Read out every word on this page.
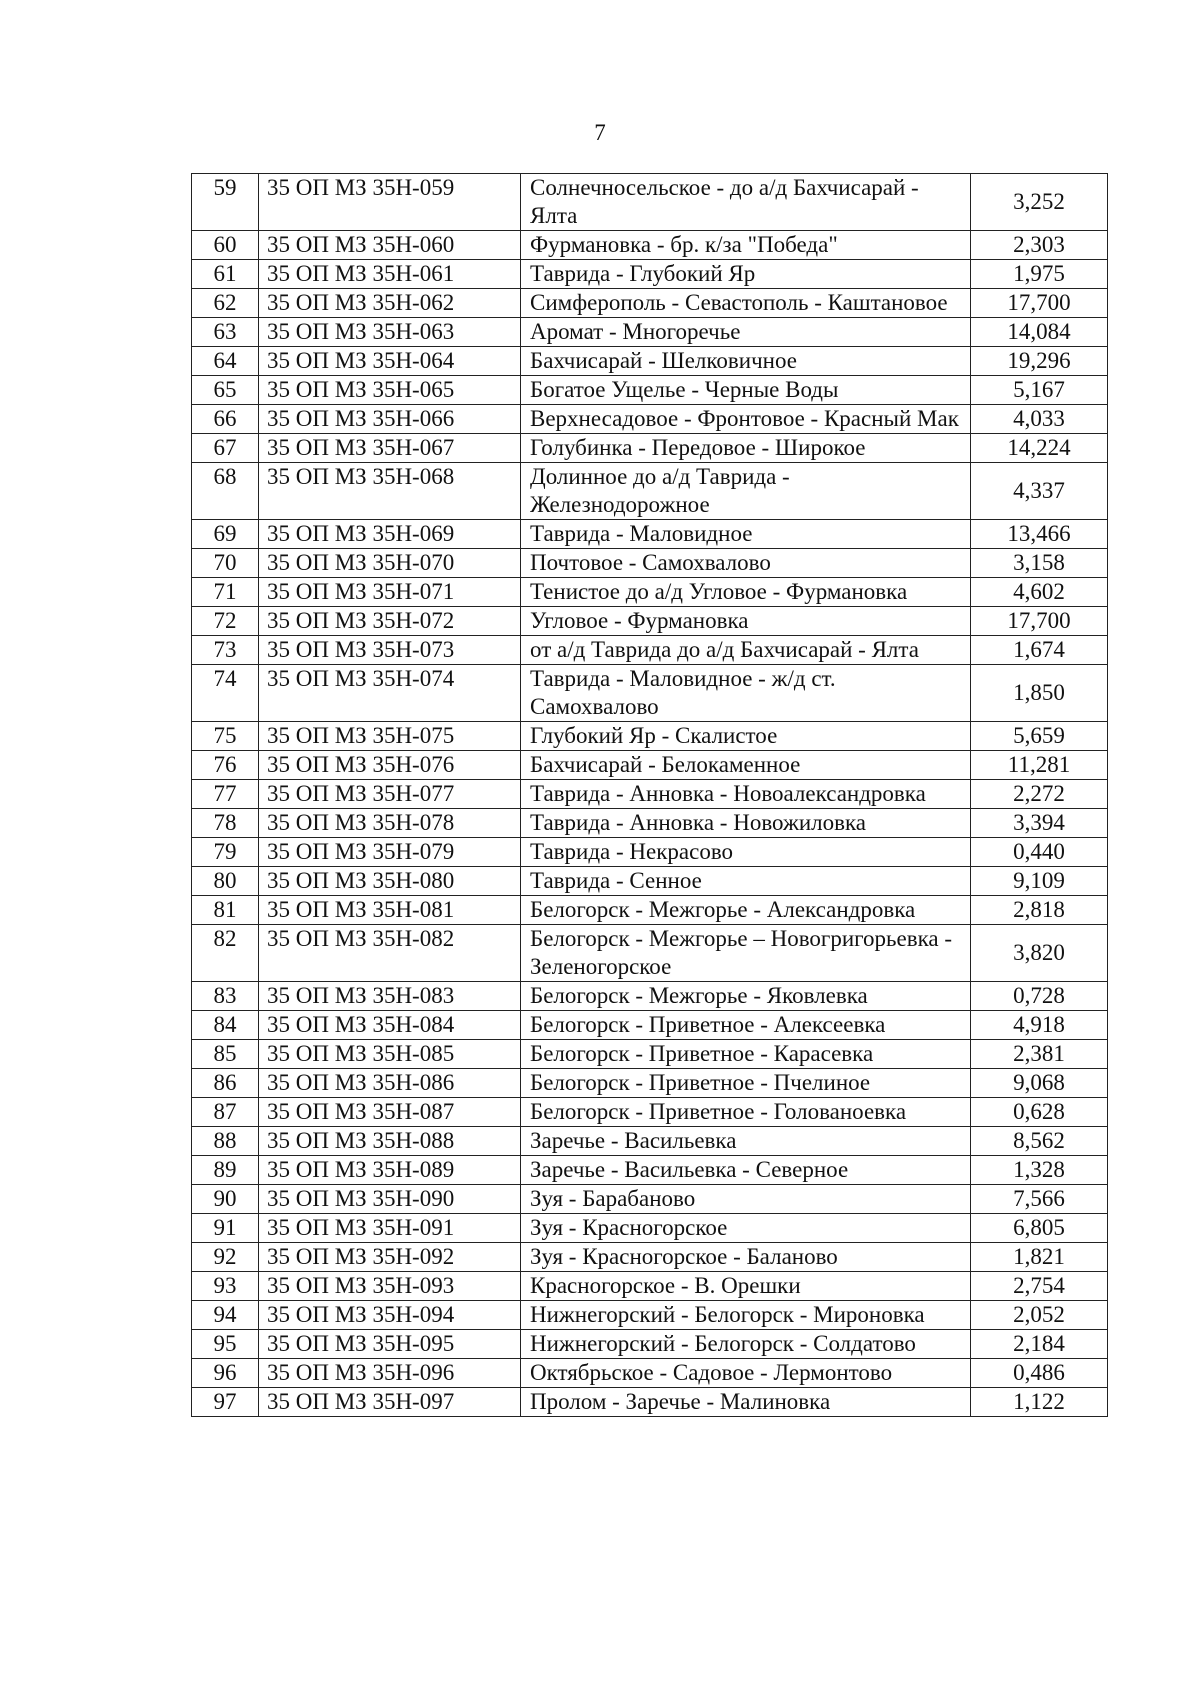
7
59	35 ОП МЗ 35Н-059	Солнечносельское - до а/д Бахчисарай - Ялта	3,252
60	35 ОП МЗ 35Н-060	Фурмановка - бр. к/за "Победа"	2,303
61	35 ОП МЗ 35Н-061	Таврида - Глубокий Яр	1,975
62	35 ОП МЗ 35Н-062	Симферополь - Севастополь - Каштановое	17,700
63	35 ОП МЗ 35Н-063	Аромат - Многоречье	14,084
64	35 ОП МЗ 35Н-064	Бахчисарай - Шелковичное	19,296
65	35 ОП МЗ 35Н-065	Богатое Ущелье - Черные Воды	5,167
66	35 ОП МЗ 35Н-066	Верхнесадовое - Фронтовое - Красный Мак	4,033
67	35 ОП МЗ 35Н-067	Голубинка - Передовое - Широкое	14,224
68	35 ОП МЗ 35Н-068	Долинное до а/д Таврида - Железнодорожное	4,337
69	35 ОП МЗ 35Н-069	Таврида - Маловидное	13,466
70	35 ОП МЗ 35Н-070	Почтовое - Самохвалово	3,158
71	35 ОП МЗ 35Н-071	Тенистое до а/д Угловое - Фурмановка	4,602
72	35 ОП МЗ 35Н-072	Угловое - Фурмановка	17,700
73	35 ОП МЗ 35Н-073	от а/д Таврида до а/д Бахчисарай - Ялта	1,674
74	35 ОП МЗ 35Н-074	Таврида - Маловидное - ж/д ст. Самохвалово	1,850
75	35 ОП МЗ 35Н-075	Глубокий Яр - Скалистое	5,659
76	35 ОП МЗ 35Н-076	Бахчисарай - Белокаменное	11,281
77	35 ОП МЗ 35Н-077	Таврида - Анновка - Новоалександровка	2,272
78	35 ОП МЗ 35Н-078	Таврида - Анновка - Новожиловка	3,394
79	35 ОП МЗ 35Н-079	Таврида - Некрасово	0,440
80	35 ОП МЗ 35Н-080	Таврида - Сенное	9,109
81	35 ОП МЗ 35Н-081	Белогорск - Межгорье - Александровка	2,818
82	35 ОП МЗ 35Н-082	Белогорск - Межгорье – Новогригорьевка - Зеленогорское	3,820
83	35 ОП МЗ 35Н-083	Белогорск - Межгорье - Яковлевка	0,728
84	35 ОП МЗ 35Н-084	Белогорск - Приветное - Алексеевка	4,918
85	35 ОП МЗ 35Н-085	Белогорск - Приветное - Карасевка	2,381
86	35 ОП МЗ 35Н-086	Белогорск - Приветное - Пчелиное	9,068
87	35 ОП МЗ 35Н-087	Белогорск - Приветное - Голованоевка	0,628
88	35 ОП МЗ 35Н-088	Заречье - Васильевка	8,562
89	35 ОП МЗ 35Н-089	Заречье - Васильевка - Северное	1,328
90	35 ОП МЗ 35Н-090	Зуя - Барабаново	7,566
91	35 ОП МЗ 35Н-091	Зуя - Красногорское	6,805
92	35 ОП МЗ 35Н-092	Зуя - Красногорское - Баланово	1,821
93	35 ОП МЗ 35Н-093	Красногорское - В. Орешки	2,754
94	35 ОП МЗ 35Н-094	Нижнегорский - Белогорск - Мироновка	2,052
95	35 ОП МЗ 35Н-095	Нижнегорский - Белогорск - Солдатово	2,184
96	35 ОП МЗ 35Н-096	Октябрьское - Садовое - Лермонтово	0,486
97	35 ОП МЗ 35Н-097	Пролом - Заречье - Малиновка	1,122
